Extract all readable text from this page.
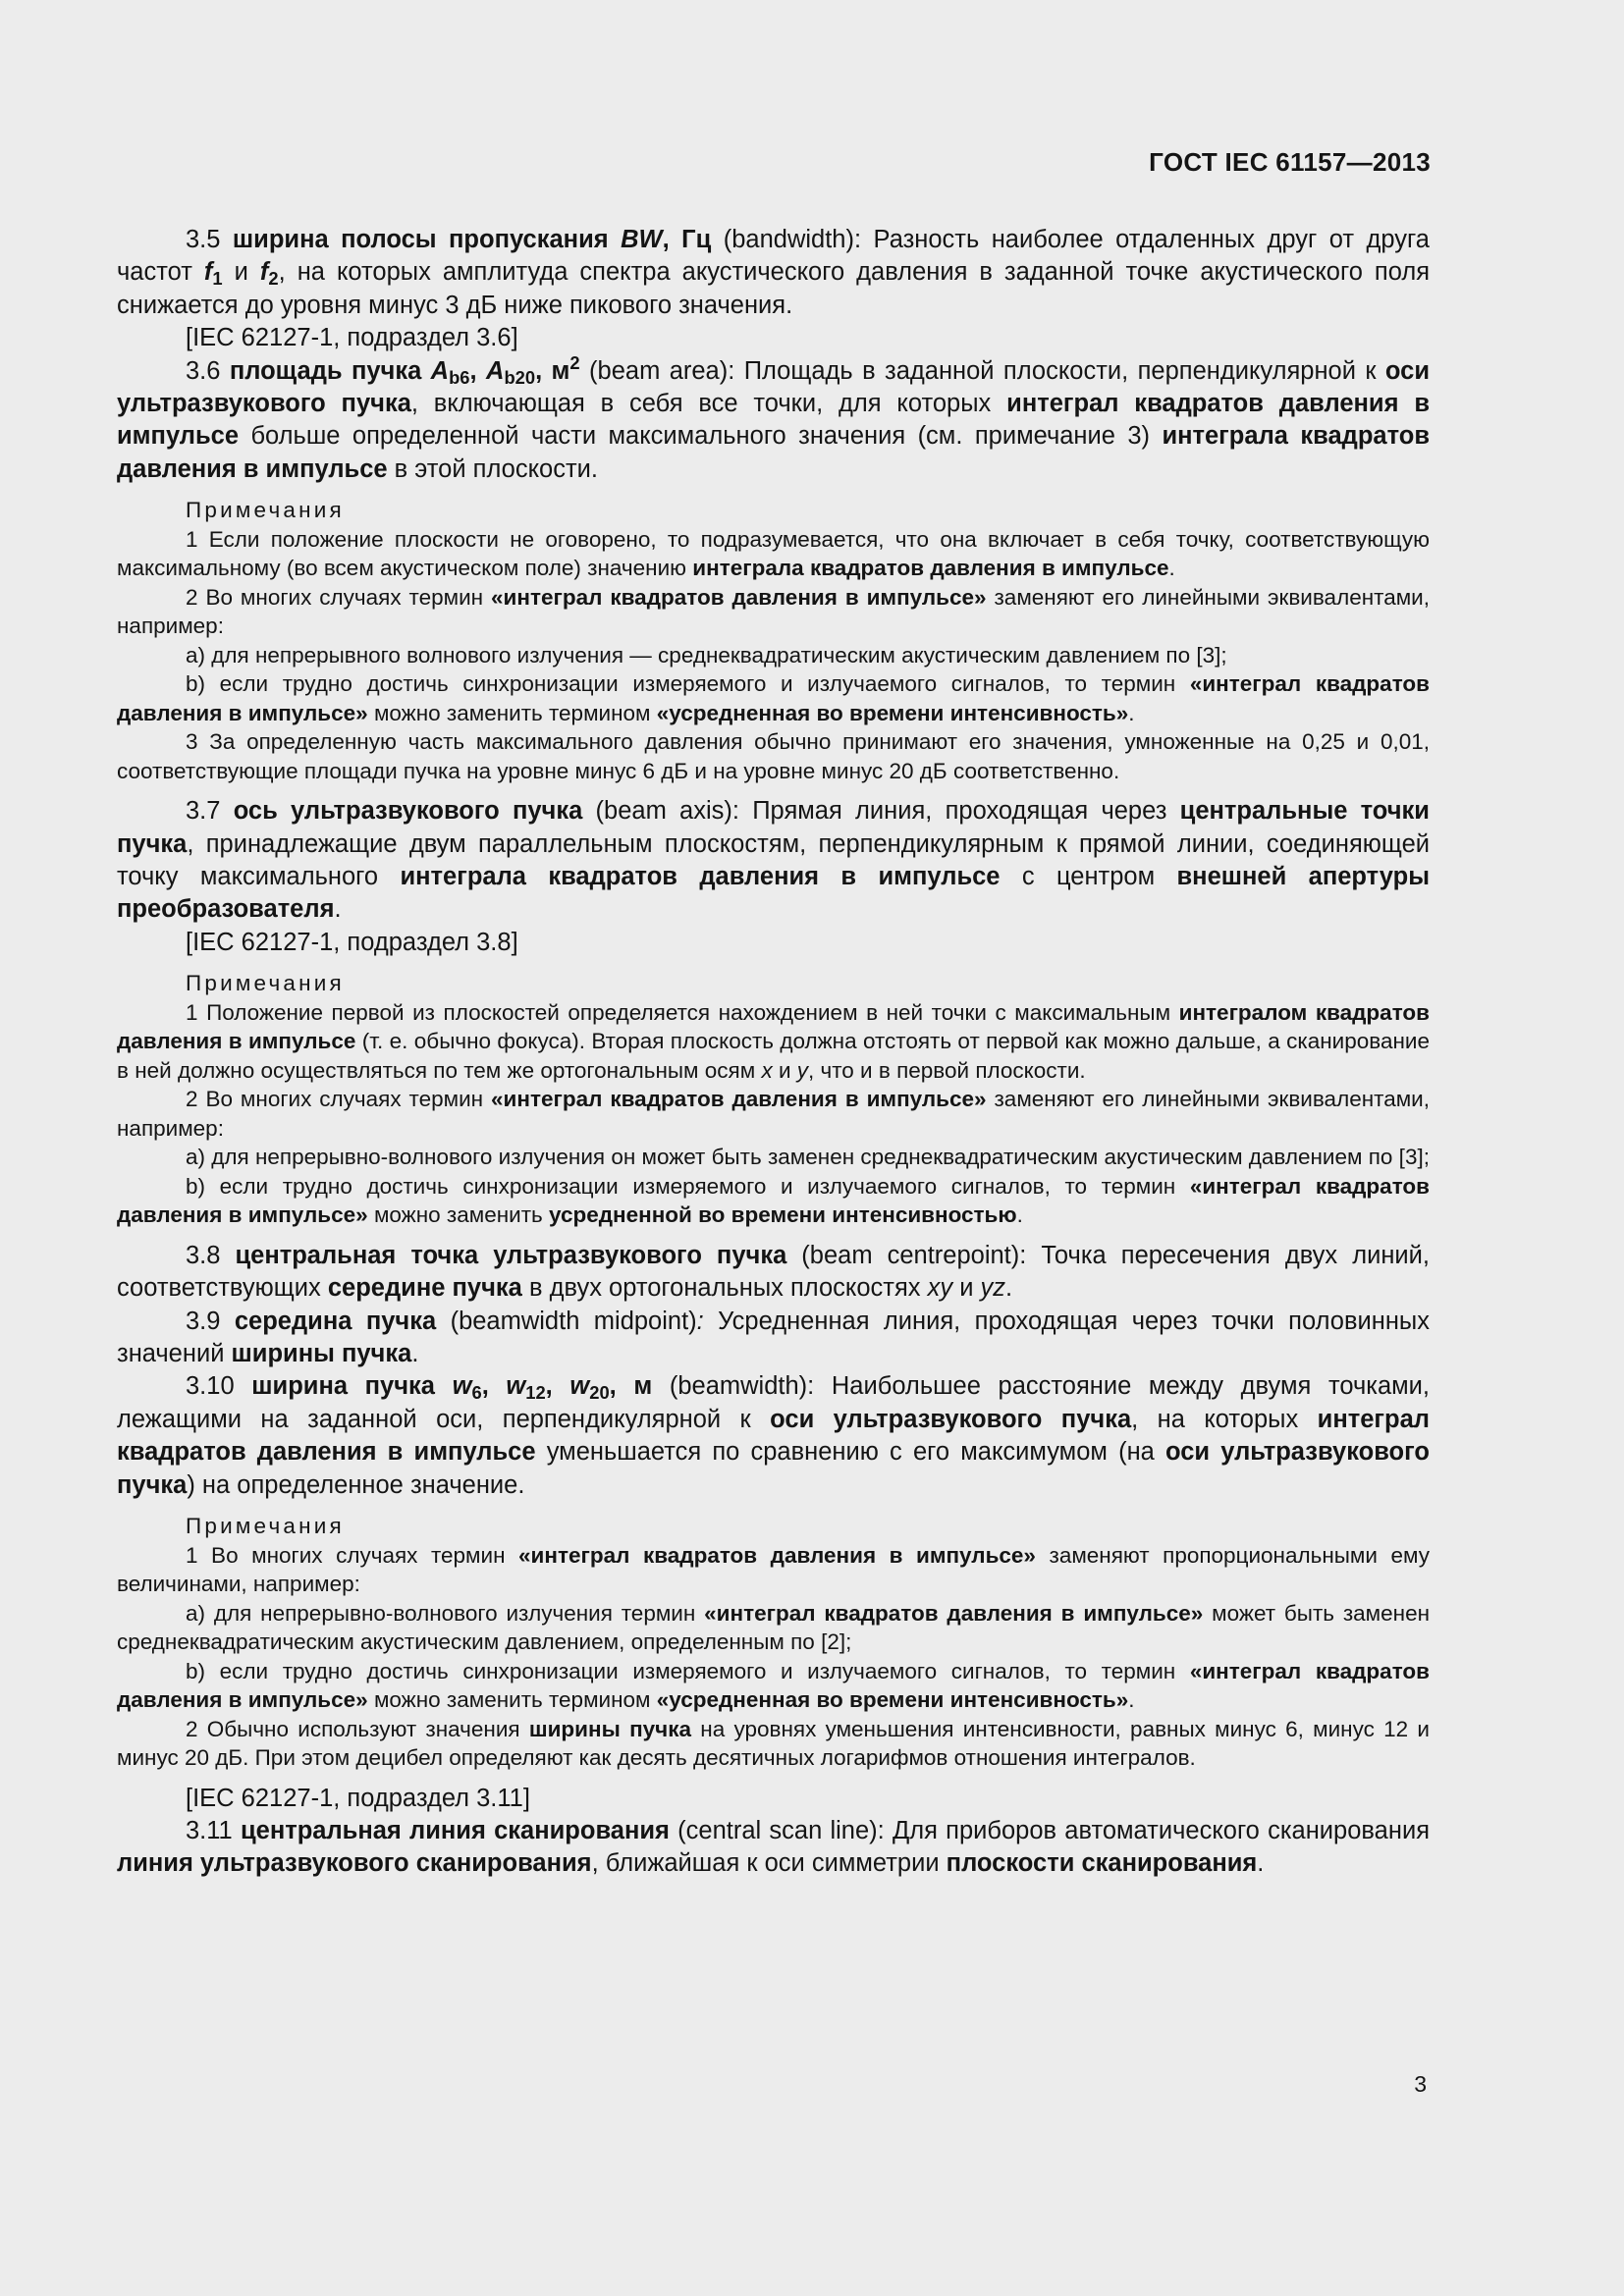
ГОСТ IEC 61157—2013
3.5 ширина полосы пропускания BW, Гц (bandwidth): Разность наиболее отдаленных друг от друга частот $f_1$ и $f_2$, на которых амплитуда спектра акустического давления в заданной точке акустического поля снижается до уровня минус 3 дБ ниже пикового значения.
[IEC 62127-1, подраздел 3.6]
3.6 площадь пучка $A_{b6}$, $A_{b20}$, $м^2$ (beam area): Площадь в заданной плоскости, перпендикулярной к оси ультразвукового пучка, включающая в себя все точки, для которых интеграл квадратов давления в импульсе больше определенной части максимального значения (см. примечание 3) интеграла квадратов давления в импульсе в этой плоскости.
Примечания
1 Если положение плоскости не оговорено, то подразумевается, что она включает в себя точку, соответствующую максимальному (во всем акустическом поле) значению интеграла квадратов давления в импульсе.
2 Во многих случаях термин «интеграл квадратов давления в импульсе» заменяют его линейными эквивалентами, например:
a) для непрерывного волнового излучения — среднеквадратическим акустическим давлением по [3];
b) если трудно достичь синхронизации измеряемого и излучаемого сигналов, то термин «интеграл квадратов давления в импульсе» можно заменить термином «усредненная во времени интенсивность».
3 За определенную часть максимального давления обычно принимают его значения, умноженные на 0,25 и 0,01, соответствующие площади пучка на уровне минус 6 дБ и на уровне минус 20 дБ соответственно.
3.7 ось ультразвукового пучка (beam axis): Прямая линия, проходящая через центральные точки пучка, принадлежащие двум параллельным плоскостям, перпендикулярным к прямой линии, соединяющей точку максимального интеграла квадратов давления в импульсе с центром внешней апертуры преобразователя.
[IEC 62127-1, подраздел 3.8]
Примечания
1 Положение первой из плоскостей определяется нахождением в ней точки с максимальным интегралом квадратов давления в импульсе (т. е. обычно фокуса). Вторая плоскость должна отстоять от первой как можно дальше, а сканирование в ней должно осуществляться по тем же ортогональным осям x и y, что и в первой плоскости.
2 Во многих случаях термин «интеграл квадратов давления в импульсе» заменяют его линейными эквивалентами, например:
a) для непрерывно-волнового излучения он может быть заменен среднеквадратическим акустическим давлением по [3];
b) если трудно достичь синхронизации измеряемого и излучаемого сигналов, то термин «интеграл квадратов давления в импульсе» можно заменить усредненной во времени интенсивностью.
3.8 центральная точка ультразвукового пучка (beam centrepoint): Точка пересечения двух линий, соответствующих середине пучка в двух ортогональных плоскостях xy и yz.
3.9 середина пучка (beamwidth midpoint): Усредненная линия, проходящая через точки половинных значений ширины пучка.
3.10 ширина пучка $w_6$, $w_{12}$, $w_{20}$, м (beamwidth): Наибольшее расстояние между двумя точками, лежащими на заданной оси, перпендикулярной к оси ультразвукового пучка, на которых интеграл квадратов давления в импульсе уменьшается по сравнению с его максимумом (на оси ультразвукового пучка) на определенное значение.
Примечания
1 Во многих случаях термин «интеграл квадратов давления в импульсе» заменяют пропорциональными ему величинами, например:
a) для непрерывно-волнового излучения термин «интеграл квадратов давления в импульсе» может быть заменен среднеквадратическим акустическим давлением, определенным по [2];
b) если трудно достичь синхронизации измеряемого и излучаемого сигналов, то термин «интеграл квадратов давления в импульсе» можно заменить термином «усредненная во времени интенсивность».
2 Обычно используют значения ширины пучка на уровнях уменьшения интенсивности, равных минус 6, минус 12 и минус 20 дБ. При этом децибел определяют как десять десятичных логарифмов отношения интегралов.
[IEC 62127-1, подраздел 3.11]
3.11 центральная линия сканирования (central scan line): Для приборов автоматического сканирования линия ультразвукового сканирования, ближайшая к оси симметрии плоскости сканирования.
3
